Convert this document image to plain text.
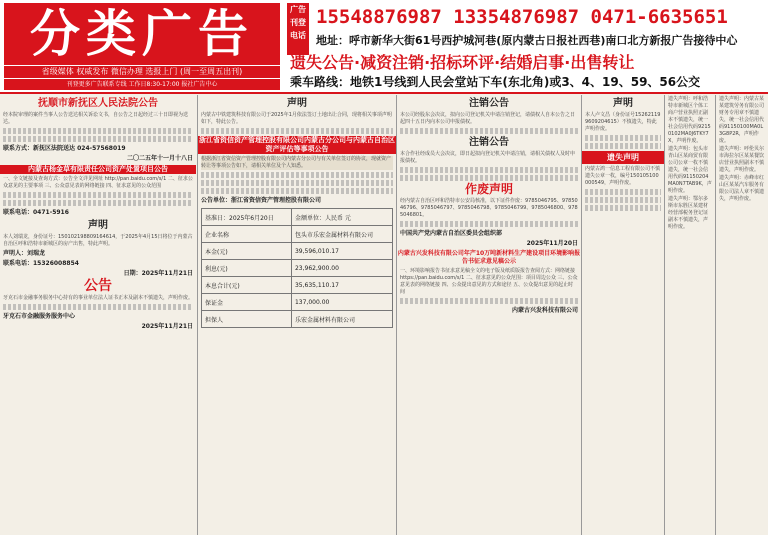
分类广告
省级媒体 权威发布 微信办理 选报上门 (周一至周五出刊)
刊登更多广告联系专线 工作日8:30-17:00 报社广告中心
广告
刊登
电话
15548876987 13354876987 0471-6635651
地址：呼市新华大街61号西护城河巷(原内蒙古日报社西巷)南口北方新报广告接待中心
遗失公告·减资注销·招标环评·结婚启事·出售转让
乘车路线：地铁1号线到人民会堂站下车(东北角)或3、4、19、59、56公交
抚顺市新抚区人民法院公告
经本院审理的案件当事人公告送达相关诉讼文书，自公告之日起经过三十日即视为送达。
联系方式：新抚区法院送达 024-57568019
二〇二五年十一月十八日
内蒙古杨金草有限责任公司资产处置项目公告
一、全文链接及查询方式：公告全文详见网址 http://pan.baidu.com/s/1 二、征求公众意见的主要事项 三、公众意见表的网络链接 四、征求意见的公众范围
联系电话：0471-5916
声明
本人刘瑞龙，身份证号：150102198809164614，于2025年4月15日将位于内蒙古自治区呼和浩特市新城区的房产出售，特此声明。
声明人：刘瑞龙
联系电话：15326008854
日期：2025年11月21日
公告
牙克石市金融事务服务中心持有的事业单位法人证书正本及副本不慎遗失，声明作废。
牙克石市金融服务服务中心
2025年11月21日
声明
内蒙古中铁建筑科技有限公司于2025年1月依法签订土地出让合同，现将相关事项声明如下，特此公告。
浙江省资信资产管理控股有限公司内蒙古分公司与内蒙古自治区资产评估等事项公告
根据浙江省资信资产管理控股有限公司内蒙古分公司与有关单位签订的协议，现就资产转让等事项公告如下，请相关单位及个人知悉。
公告单位：浙江省资信资产管理控股有限公司
基准日：2025年6月20日	金额单位：人民币 元
企业名称	包头市乐宏金属材料有限公司
本金(元)	39,596,010.17
利息(元)	23,962,900.00
本息合计(元)	35,635,110.17
保证金	137,000.00
担保人	乐宏金属材料有限公司
注销公告
本公司经股东会决议，拟向公司登记机关申请注销登记，请债权人自本公告之日起四十五日内向本公司申报债权。
注销公告
本合作社经成员大会决议，即日起拟向登记机关申请注销，请相关债权人及时申报债权。
作废声明
经内蒙古自治区呼和浩特市公安局核准，以下证件作废：9785046795、9785046796、9785046797、9785046798、9785046799、9785046800、9785046801。
中国共产党内蒙古自治区委员会组织部
2025年11月20日
内蒙古兴发科技有限公司年产10万吨新材料生产建设项目环境影响报告书征求意见稿公示
一、环境影响报告书征求意见稿全文的电子版及纸质版报告查阅方式：网络链接 https://pan.baidu.com/s/1 二、征求意见的公众范围：项目周边公众 三、公众意见表的网络链接 四、公众提出意见的方式和途径 五、公众提出意见的起止时间
内蒙古兴发科技有限公司
声明
本人卢文昌（身份证号152621199609204615）不慎遗失，特此声明作废。
遗失声明
内蒙古鸿一信息工程有限公司不慎遗失公章一枚，编号150105100000549，声明作废。
遗失声明：呼和浩特市新城区个体工商户营业执照正副本不慎遗失，统一社会信用代码92150102MA0J6TKY7X，声明作废。
遗失声明：包头市青山区某商贸有限公司公章一枚不慎遗失，统一社会信用代码91150204MA0N7TAB9K，声明作废。
遗失声明：鄂尔多斯市东胜区某建材经营部税务登记证副本不慎遗失，声明作废。
遗失声明：内蒙古某某建筑劳务有限公司财务专用章不慎遗失，统一社会信用代码91150100MA0L3G8P2R，声明作废。
遗失声明：呼伦贝尔市海拉尔区某某餐饮店营业执照副本不慎遗失，声明作废。
遗失声明：赤峰市红山区某某汽车服务有限公司法人章不慎遗失，声明作废。
